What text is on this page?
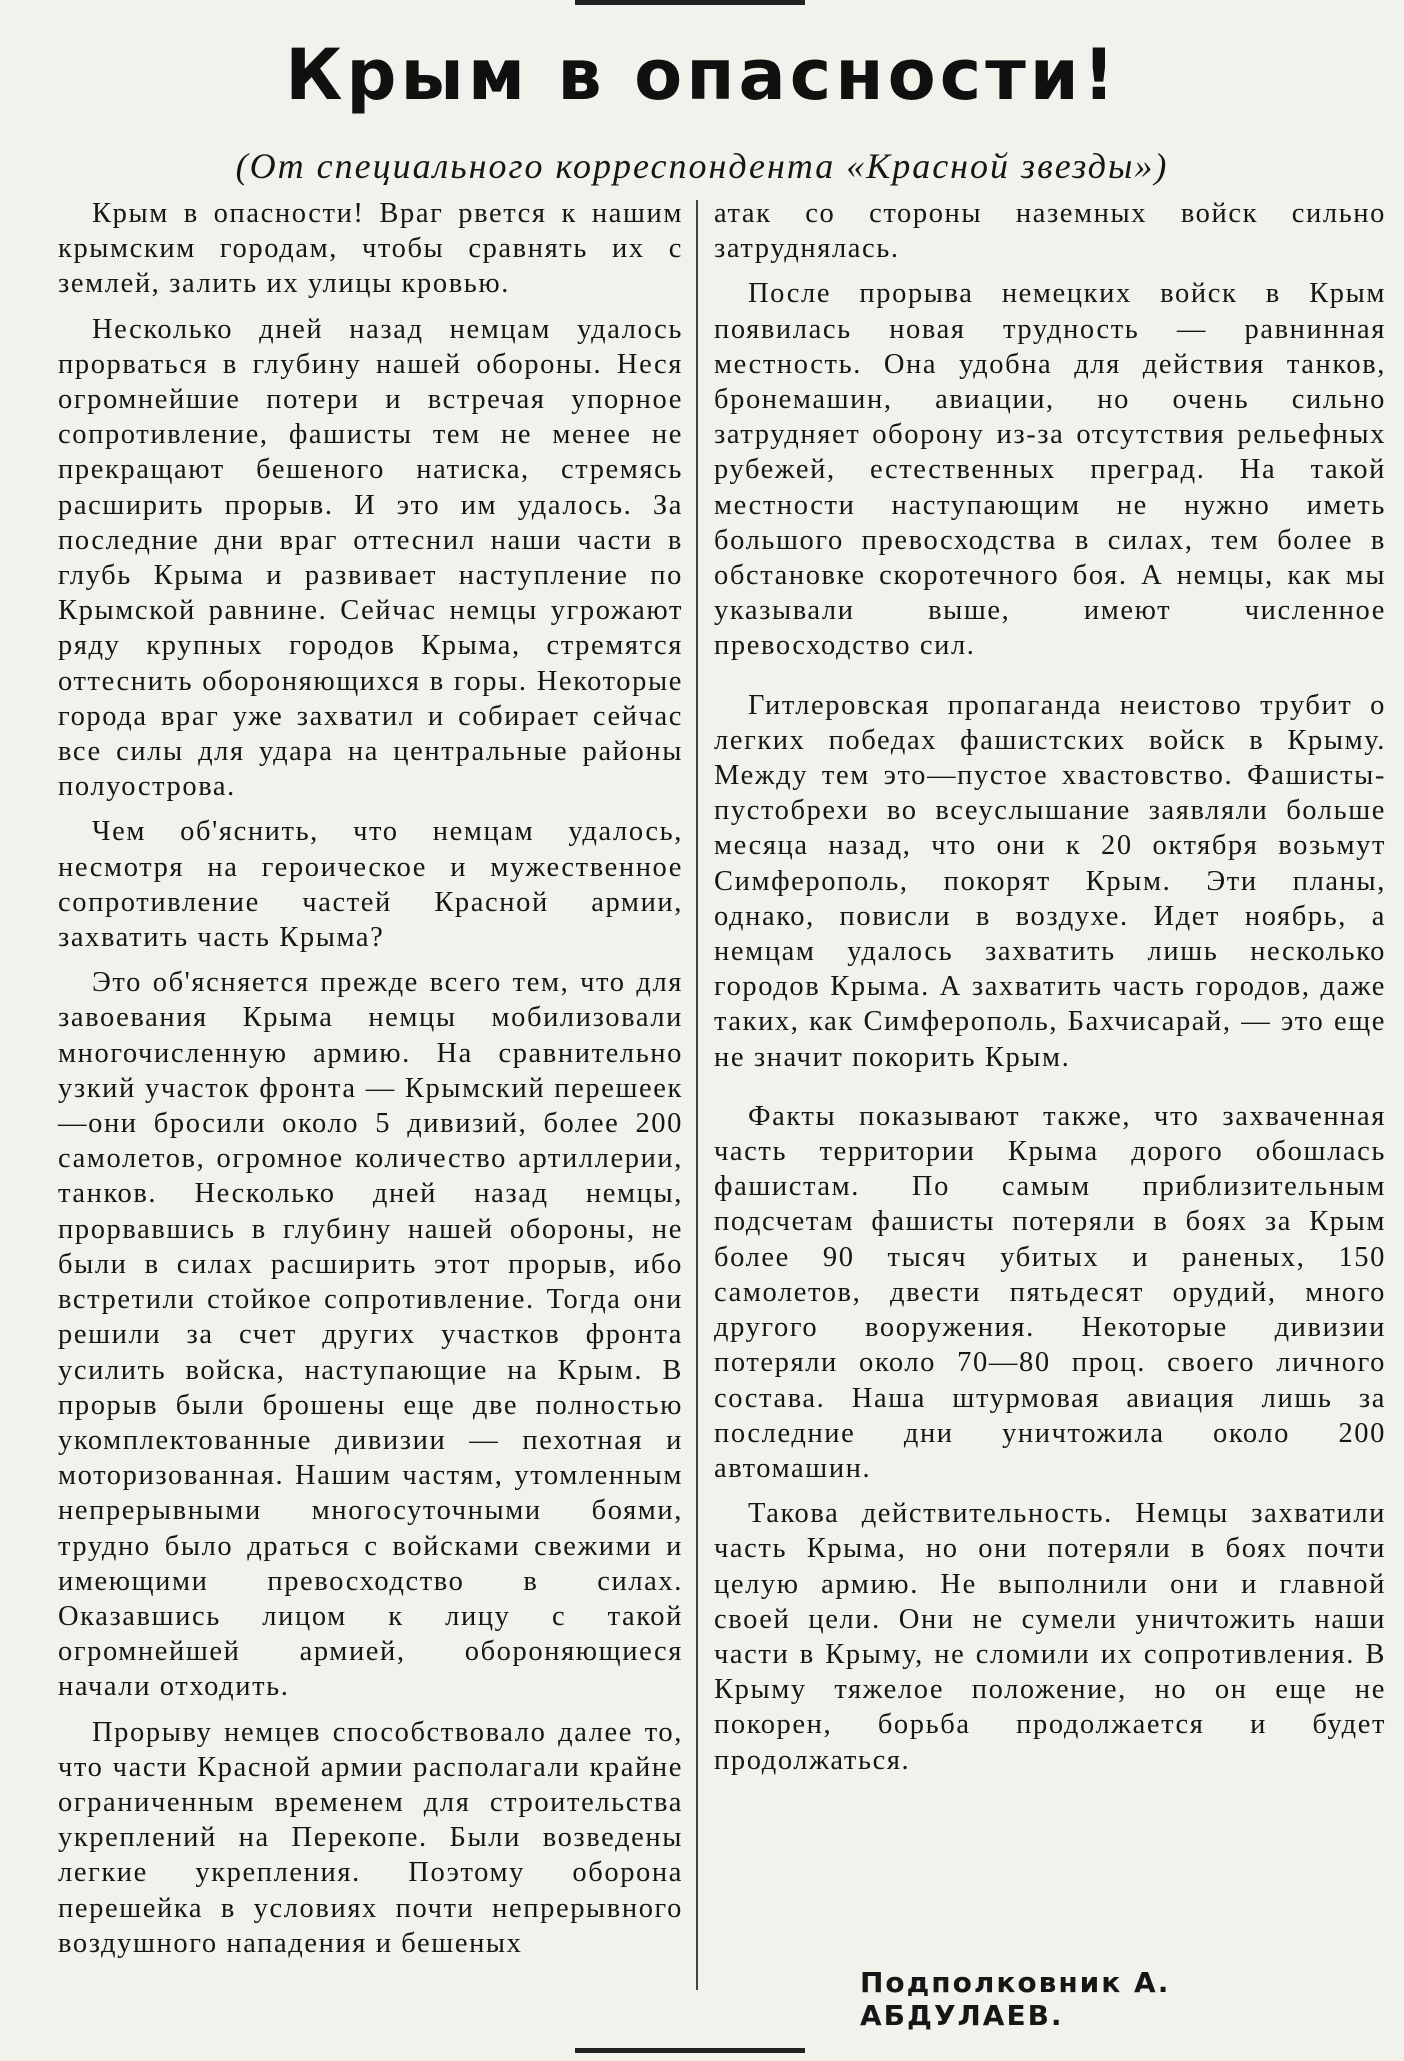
Крым в опасности!
(От специального корреспондента «Красной звезды»)

Крым в опасности! Враг рвется к нашим крымским городам, чтобы сравнять их с землей, залить их улицы кровью.

Несколько дней назад немцам удалось прорваться в глубину нашей обороны. Неся огромнейшие потери и встречая упорное сопротивление, фашисты тем не менее не прекращают бешеного натиска, стремясь расширить прорыв. И это им удалось. За последние дни враг оттеснил наши части в глубь Крыма и развивает наступление по Крымской равнине. Сейчас немцы угрожают ряду крупных городов Крыма, стремятся оттеснить обороняющихся в горы. Некоторые города враг уже захватил и собирает сейчас все силы для удара на центральные районы полуострова.

Чем об'яснить, что немцам удалось, несмотря на героическое и мужественное сопротивление частей Красной армии, захватить часть Крыма?

Это об'ясняется прежде всего тем, что для завоевания Крыма немцы мобилизовали многочисленную армию. На сравнительно узкий участок фронта — Крымский перешеек—они бросили около 5 дивизий, более 200 самолетов, огромное количество артиллерии, танков. Несколько дней назад немцы, прорвавшись в глубину нашей обороны, не были в силах расширить этот прорыв, ибо встретили стойкое сопротивление. Тогда они решили за счет других участков фронта усилить войска, наступающие на Крым. В прорыв были брошены еще две полностью укомплектованные дивизии — пехотная и моторизованная. Нашим частям, утомленным непрерывными многосуточными боями, трудно было драться с войсками свежими и имеющими превосходство в силах. Оказавшись лицом к лицу с такой огромнейшей армией, обороняющиеся начали отходить.

Прорыву немцев способствовало далее то, что части Красной армии располагали крайне ограниченным временем для строительства укреплений на Перекопе. Были возведены легкие укрепления. Поэтому оборона перешейка в условиях почти непрерывного воздушного нападения и бешеных

атак со стороны наземных войск сильно затруднялась.

После прорыва немецких войск в Крым появилась новая трудность — равнинная местность. Она удобна для действия танков, бронемашин, авиации, но очень сильно затрудняет оборону из-за отсутствия рельефных рубежей, естественных преград. На такой местности наступающим не нужно иметь большого превосходства в силах, тем более в обстановке скоротечного боя. А немцы, как мы указывали выше, имеют численное превосходство сил.

Гитлеровская пропаганда неистово трубит о легких победах фашистских войск в Крыму. Между тем это—пустое хвастовство. Фашисты-пустобрехи во всеуслышание заявляли больше месяца назад, что они к 20 октября возьмут Симферополь, покорят Крым. Эти планы, однако, повисли в воздухе. Идет ноябрь, а немцам удалось захватить лишь несколько городов Крыма. А захватить часть городов, даже таких, как Симферополь, Бахчисарай, — это еще не значит покорить Крым.

Факты показывают также, что захваченная часть территории Крыма дорого обошлась фашистам. По самым приблизительным подсчетам фашисты потеряли в боях за Крым более 90 тысяч убитых и раненых, 150 самолетов, двести пятьдесят орудий, много другого вооружения. Некоторые дивизии потеряли около 70—80 проц. своего личного состава. Наша штурмовая авиация лишь за последние дни уничтожила около 200 автомашин.

Такова действительность. Немцы захватили часть Крыма, но они потеряли в боях почти целую армию. Не выполнили они и главной своей цели. Они не сумели уничтожить наши части в Крыму, не сломили их сопротивления. В Крыму тяжелое положение, но он еще не покорен, борьба продолжается и будет продолжаться.

Подполковник А. АБДУЛАЕВ.
